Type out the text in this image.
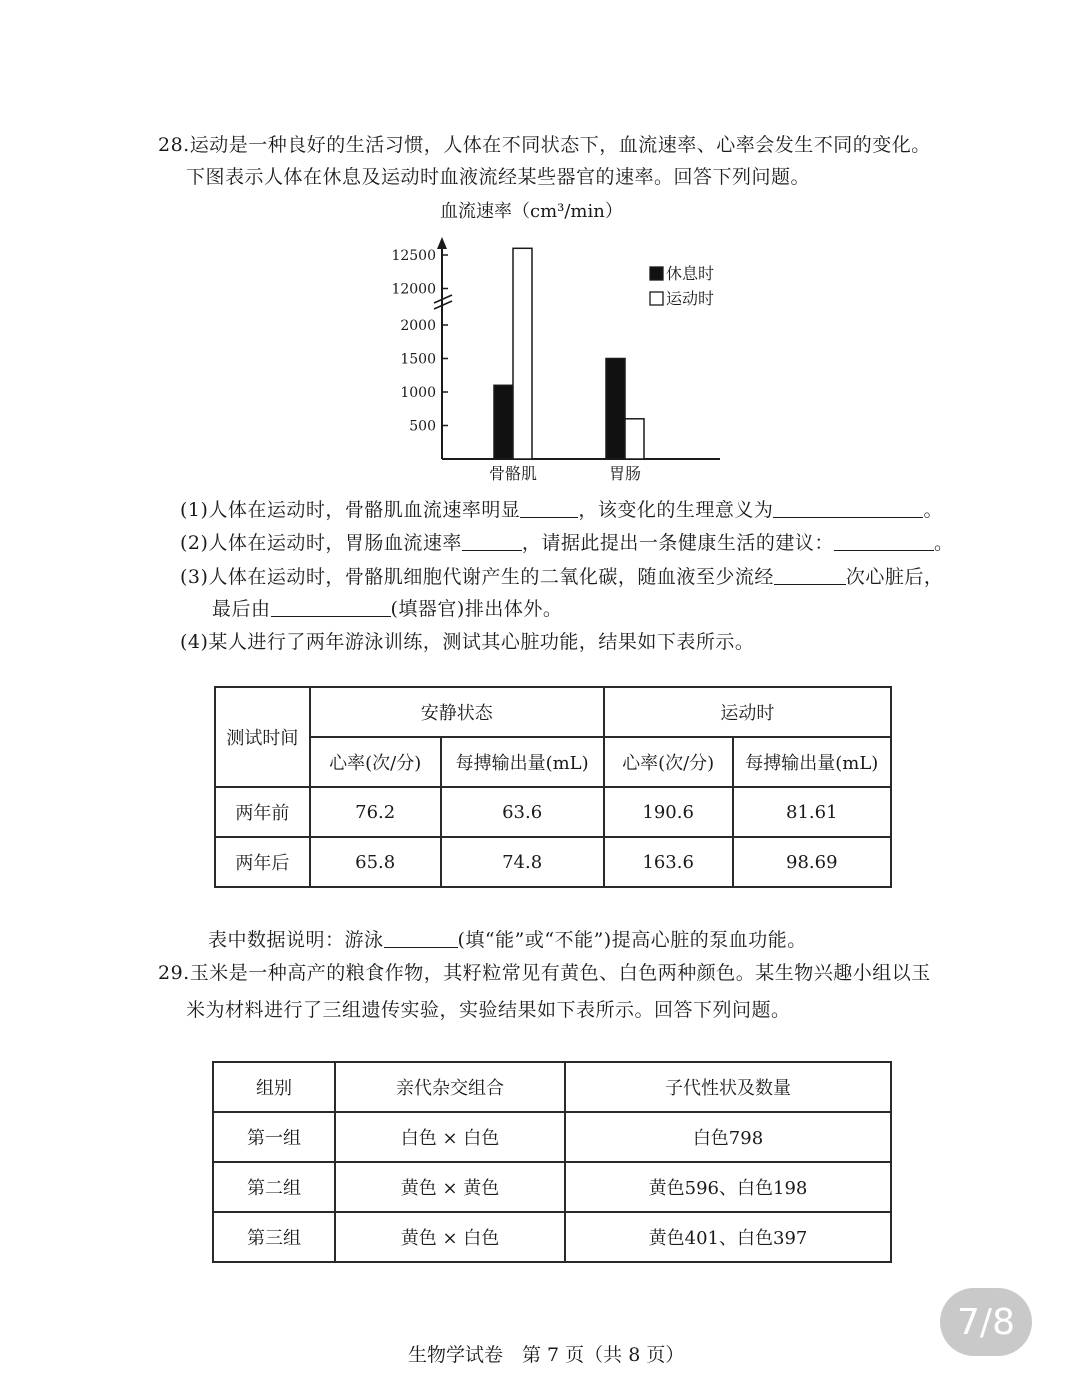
28.运动是一种良好的生活习惯，人体在不同状态下，血流速率、心率会发生不同的变化。
下图表示人体在休息及运动时血液流经某些器官的速率。回答下列问题。
血流速率（cm³/min）
500
1000
1500
2000
12000
12500
骨骼肌	胃肠
休息时
运动时
(1)人体在运动时，骨骼肌血流速率明显	，该变化的生理意义为	。
(2)人体在运动时，胃肠血流速率	，请据此提出一条健康生活的建议：	。
(3)人体在运动时，骨骼肌细胞代谢产生的二氧化碳，随血液至少流经	次心脏后，
最后由	(填器官)排出体外。
(4)某人进行了两年游泳训练，测试其心脏功能，结果如下表所示。
测试时间	安静状态		运动时	
	心率(次/分)	每搏输出量(mL)	心率(次/分)	每搏输出量(mL)
两年前	76.2	63.6	190.6	81.61
两年后	65.8	74.8	163.6	98.69
表中数据说明：游泳	(填“能”或“不能”)提高心脏的泵血功能。
29.玉米是一种高产的粮食作物，其籽粒常见有黄色、白色两种颜色。某生物兴趣小组以玉
米为材料进行了三组遗传实验，实验结果如下表所示。回答下列问题。
组别	亲代杂交组合	子代性状及数量
第一组	白色 × 白色	白色798
第二组	黄色 × 黄色	黄色596、白色198
第三组	黄色 × 白色	黄色401、白色397
7/8
生物学试卷　第 7 页（共 8 页）
